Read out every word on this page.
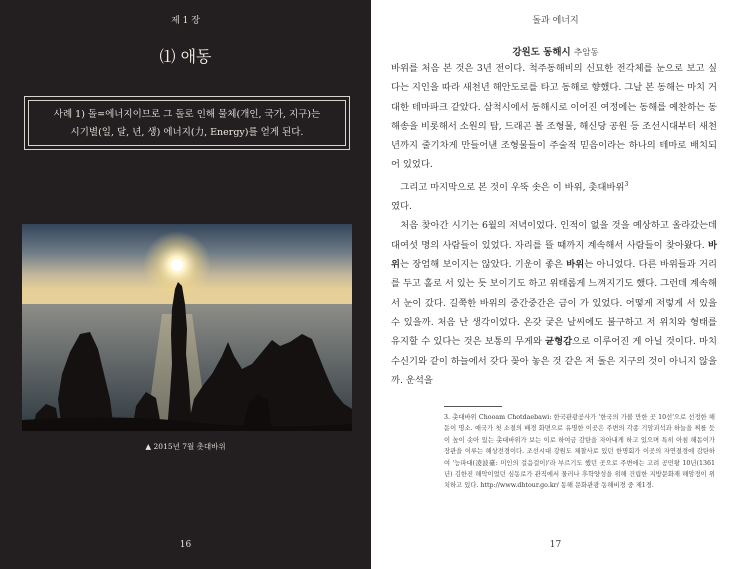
제 1 장
⑴ 애동
사례 1) 돌=에너지이므로 그 돌로 인해 물체(개인, 국가, 지구)는
시기별(일, 달, 년, 생) 에너지(力, Energy)를 얻게 된다.
▲ 2015년 7월 촛대바위
16
돌과 에너지
강원도 동해시 추암동

바위를 처음 본 것은 3년 전이다. 척주동해비의 신묘한 전각체를 눈으로 보고 싶다는 지인을 따라 새천년 해안도로를 타고 동해로 향했다. 그날 본 동해는 마치 거대한 테마파크 같았다. 삼척시에서 동해시로 이어진 여정에는 동해를 예찬하는 동해송을 비롯해서 소원의 탑, 드래곤 볼 조형물, 해신당 공원 등 조선시대부터 새천년까지 줄기차게 만들어낸 조형물들이 주술적 믿음이라는 하나의 테마로 배치되어 있었다.

그리고 마지막으로 본 것이 우뚝 솟은 이 바위, 촛대바위$^3$
였다.

처음 찾아간 시기는 6월의 저녁이었다. 인적이 없을 것을 예상하고 올라갔는데 대여섯 명의 사람들이 있었다. 자리를 뜰 때까지 계속해서 사람들이 찾아왔다. 바위는 장엄해 보이지는 않았다. 기운이 좋은 바위는 아니었다. 다른 바위들과 거리를 두고 홀로 서 있는 듯 보이기도 하고 위태롭게 느껴지기도 했다. 그런데 계속해서 눈이 갔다. 길쭉한 바위의 중간중간은 금이 가 있었다. 어떻게 저렇게 서 있을 수 있을까. 처음 난 생각이었다. 온갖 궂은 날씨에도 불구하고 저 위치와 형태를 유지할 수 있다는 것은 보통의 무게와 균형감으로 이루어진 게 아닐 것이다. 마치 수신기와 같이 하늘에서 갖다 꽂아 놓은 것 같은 저 돌은 지구의 것이 아니지 않을까. 운석을

3. 촛대바위 Chooam Chotdaebawi: 한국관광공사가 '한국의 가볼 만한 곳 10선'으로 선정한 해돋이 명소. 애국가 첫 소절의 배경 화면으로 유명한 이곳은 주변의 각종 기암괴석과 하늘을 찌를 듯이 높이 솟아 있는 촛대바위가 보는 이로 하여금 감탄을 자아내게 하고 있으며 특히 아침 해돋이가 장관을 이루는 해상전경이다. 조선시대 강원도 체찰사로 있던 한명회가 이곳의 자연절경에 감탄하여 '능파대(凌波臺: 미인의 걸음걸이)'라 부르기도 했던 곳으로 주변에는 고려 공민왕 10년(1361년) 김한진 해악이었던 심동로가 관직에서 물러나 후학양성을 위해 건립한 지방문화재 해암정이 위치하고 있다. http://www.dhtour.go.kr/ 동해 문화관광 동해비경 중 제1경.
17
